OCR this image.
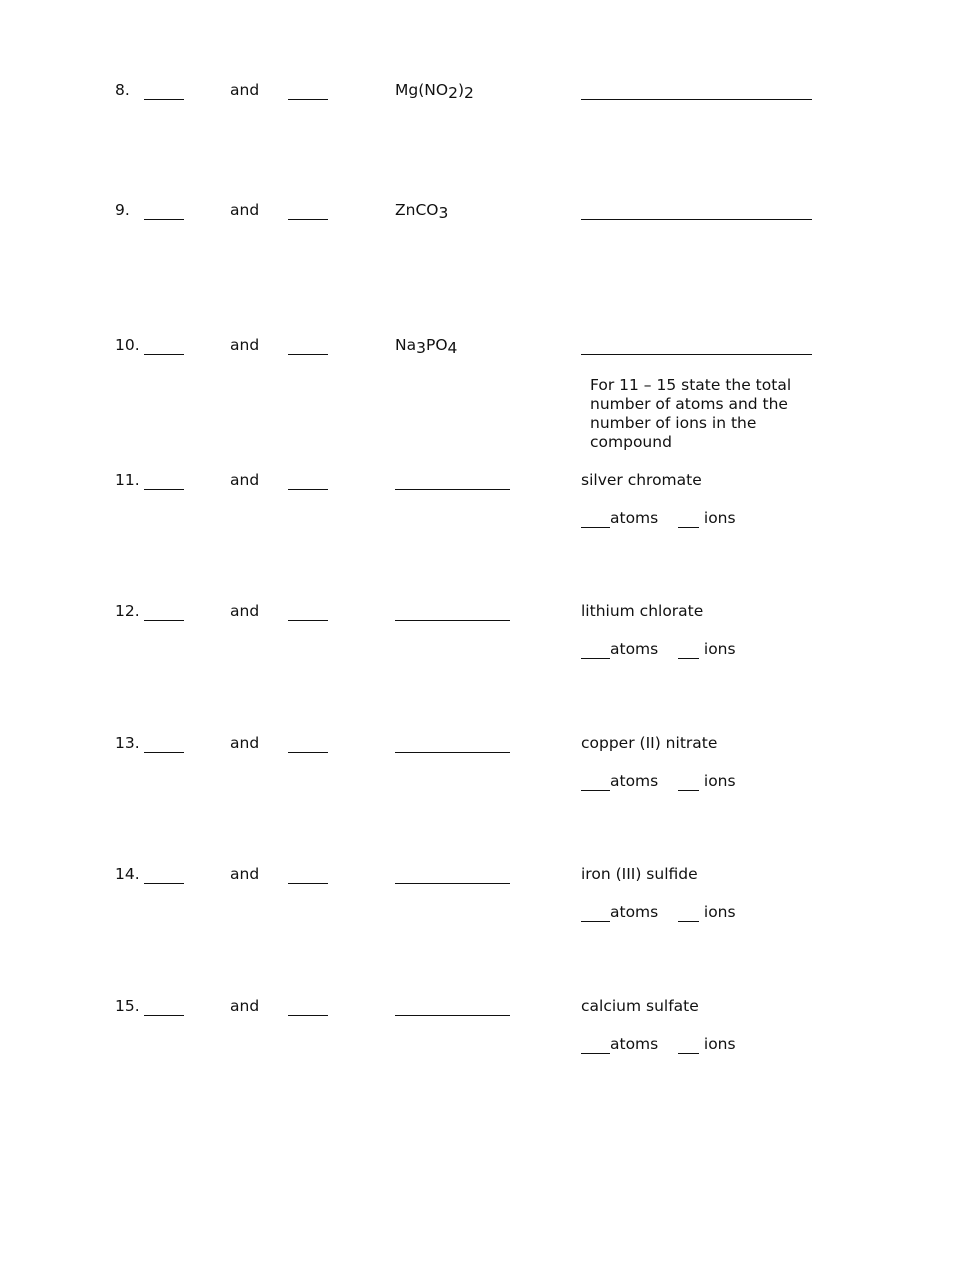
8.	and	Mg(NO2)2
9.	and	ZnCO3
10.	and	Na3PO4
For 11 – 15 state the total number of atoms and the number of ions in the compound
11.	and	silver chromate
atoms	ions
12.	and	lithium chlorate
atoms	ions
13.	and	copper (II) nitrate
atoms	ions
14.	and	iron (III) sulfide
atoms	ions
15.	and	calcium sulfate
atoms	ions
